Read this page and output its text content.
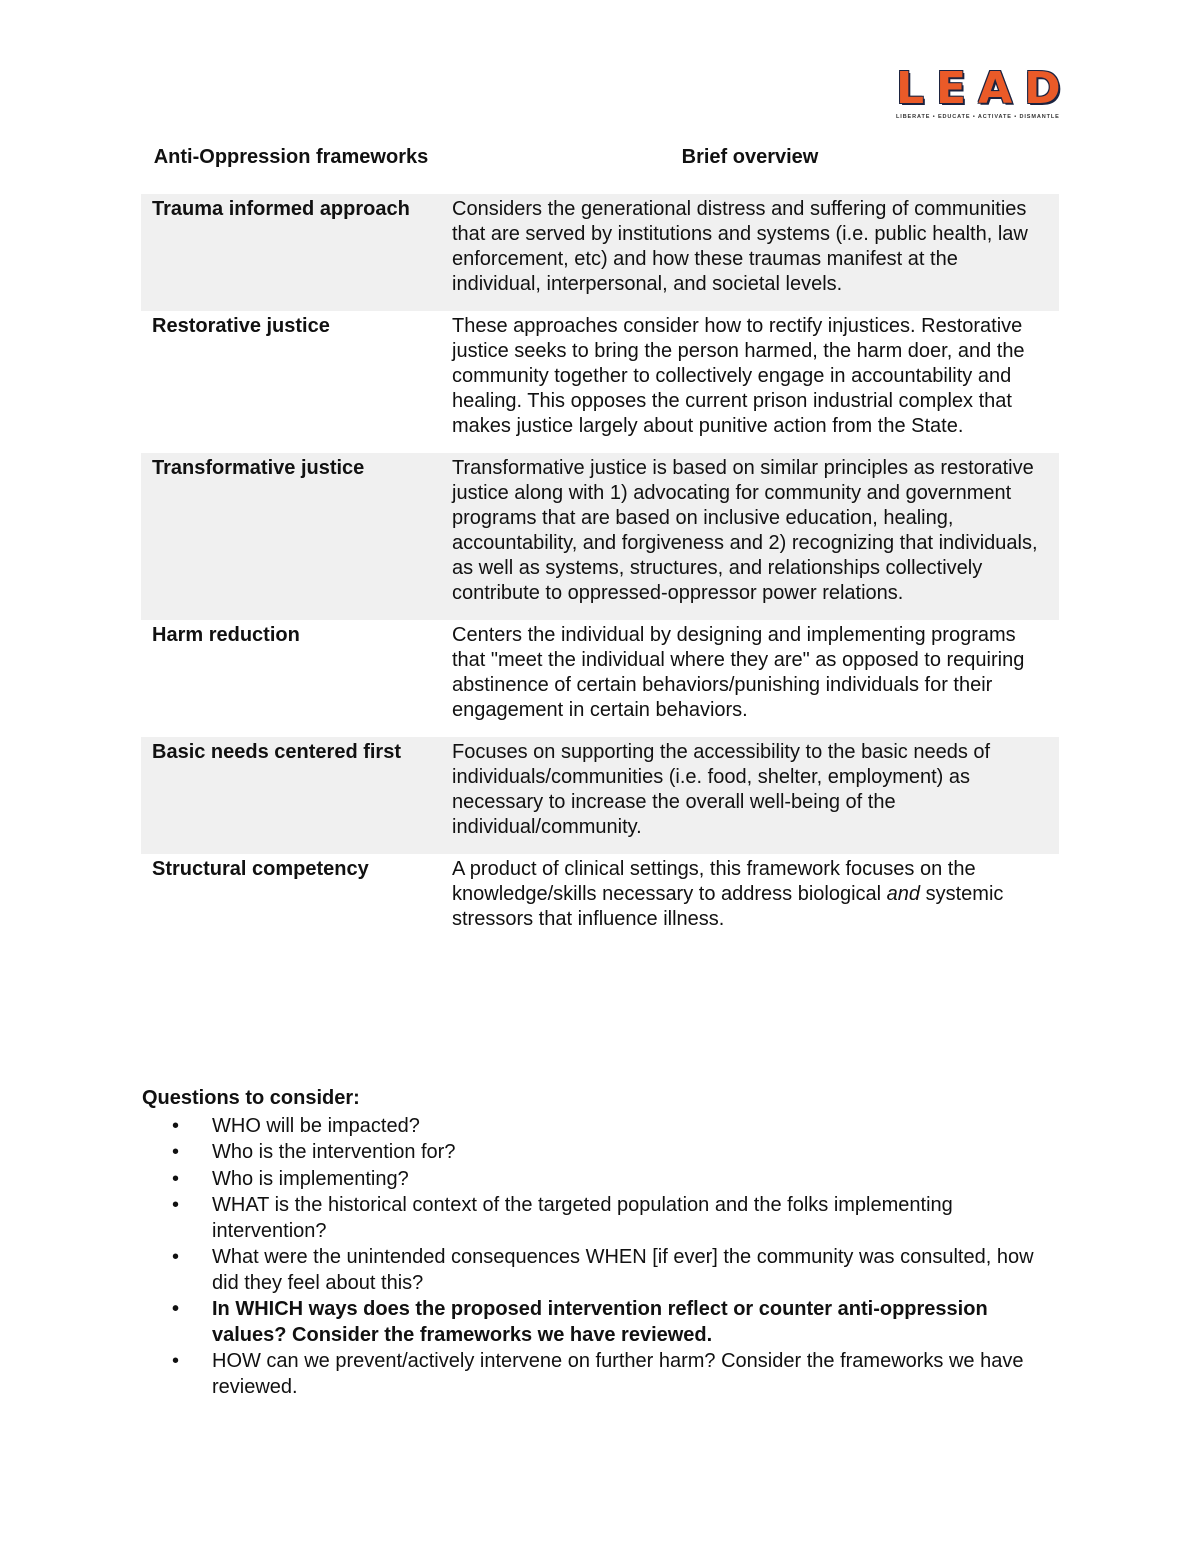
LEAD
LIBERATE • EDUCATE • ACTIVATE • DISMANTLE
Anti-Oppression frameworks	Brief overview
Trauma informed approach	Considers the generational distress and suffering of communities that are served by institutions and systems (i.e. public health, law enforcement, etc) and how these traumas manifest at the individual, interpersonal, and societal levels.
Restorative justice	These approaches consider how to rectify injustices. Restorative justice seeks to bring the person harmed, the harm doer, and the community together to collectively engage in accountability and healing. This opposes the current prison industrial complex that makes justice largely about punitive action from the State.
Transformative justice	Transformative justice is based on similar principles as restorative justice along with 1) advocating for community and government programs that are based on inclusive education, healing, accountability, and forgiveness and 2) recognizing that individuals, as well as systems, structures, and relationships collectively contribute to oppressed-oppressor power relations.
Harm reduction	Centers the individual by designing and implementing programs that "meet the individual where they are" as opposed to requiring abstinence of certain behaviors/punishing individuals for their engagement in certain behaviors.
Basic needs centered first	Focuses on supporting the accessibility to the basic needs of individuals/communities (i.e. food, shelter, employment) as necessary to increase the overall well-being of the individual/community.
Structural competency	A product of clinical settings, this framework focuses on the knowledge/skills necessary to address biological and systemic stressors that influence illness.
Questions to consider:
• WHO will be impacted?
• Who is the intervention for?
• Who is implementing?
• WHAT is the historical context of the targeted population and the folks implementing intervention?
• What were the unintended consequences WHEN [if ever] the community was consulted, how did they feel about this?
• In WHICH ways does the proposed intervention reflect or counter anti-oppression values? Consider the frameworks we have reviewed.
• HOW can we prevent/actively intervene on further harm? Consider the frameworks we have reviewed.
